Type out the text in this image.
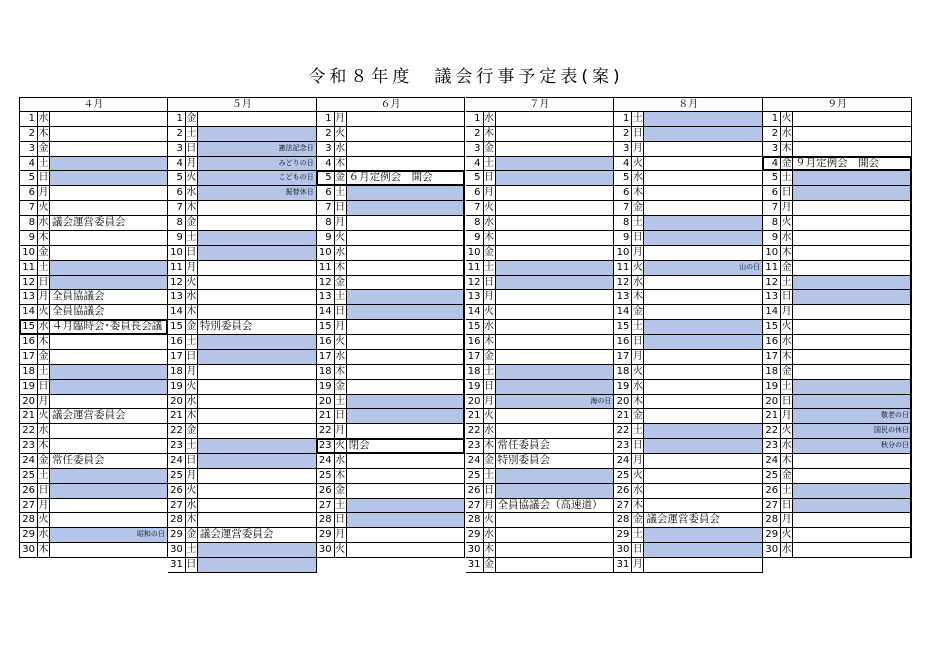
令和８年度　議会行事予定表(案)
４月
1 水
2 木
3 金
4 土
5 日
6 月
7 火
8 水 議会運営委員会
9 木
10 金
11 土
12 日
13 月 全員協議会
14 火 全員協議会
15 水 ４月臨時会･委員長会議
16 木
17 金
18 土
19 日
20 月
21 火 議会運営委員会
22 水
23 木
24 金 常任委員会
25 土
26 日
27 月
28 火
29 水	昭和の日
30 木
５月
1 金
2 土
3 日	憲法記念日
4 月	みどりの日
5 火	こどもの日
6 水	振替休日
7 木
8 金
9 土
10 日
11 月
12 火
13 水
14 木
15 金 特別委員会
16 土
17 日
18 月
19 火
20 水
21 木
22 金
23 土
24 日
25 月
26 火
27 水
28 木
29 金 議会運営委員会
30 土
31 日
６月
1 月
2 火
3 水
4 木
5 金 ６月定例会　開会
6 土
7 日
8 月
9 火
10 水
11 木
12 金
13 土
14 日
15 月
16 火
17 水
18 木
19 金
20 土
21 日
22 月
23 火 閉会
24 水
25 木
26 金
27 土
28 日
29 月
30 火
７月
1 水
2 木
3 金
4 土
5 日
6 月
7 火
8 水
9 木
10 金
11 土
12 日
13 月
14 火
15 水
16 木
17 金
18 土
19 日
20 月	海の日
21 火
22 水
23 木 常任委員会
24 金 特別委員会
25 土
26 日
27 月 全員協議会（高速道）
28 火
29 水
30 木
31 金
８月
1 土
2 日
3 月
4 火
5 水
6 木
7 金
8 土
9 日
10 月
11 火	山の日
12 水
13 木
14 金
15 土
16 日
17 月
18 火
19 水
20 木
21 金
22 土
23 日
24 月
25 火
26 水
27 木
28 金 議会運営委員会
29 土
30 日
31 月
９月
1 火
2 水
3 木
4 金 ９月定例会　開会
5 土
6 日
7 月
8 火
9 水
10 木
11 金
12 土
13 日
14 月
15 火
16 水
17 木
18 金
19 土
20 日
21 月	敬老の日
22 火	国民の休日
23 水	秋分の日
24 木
25 金
26 土
27 日
28 月
29 火
30 水
